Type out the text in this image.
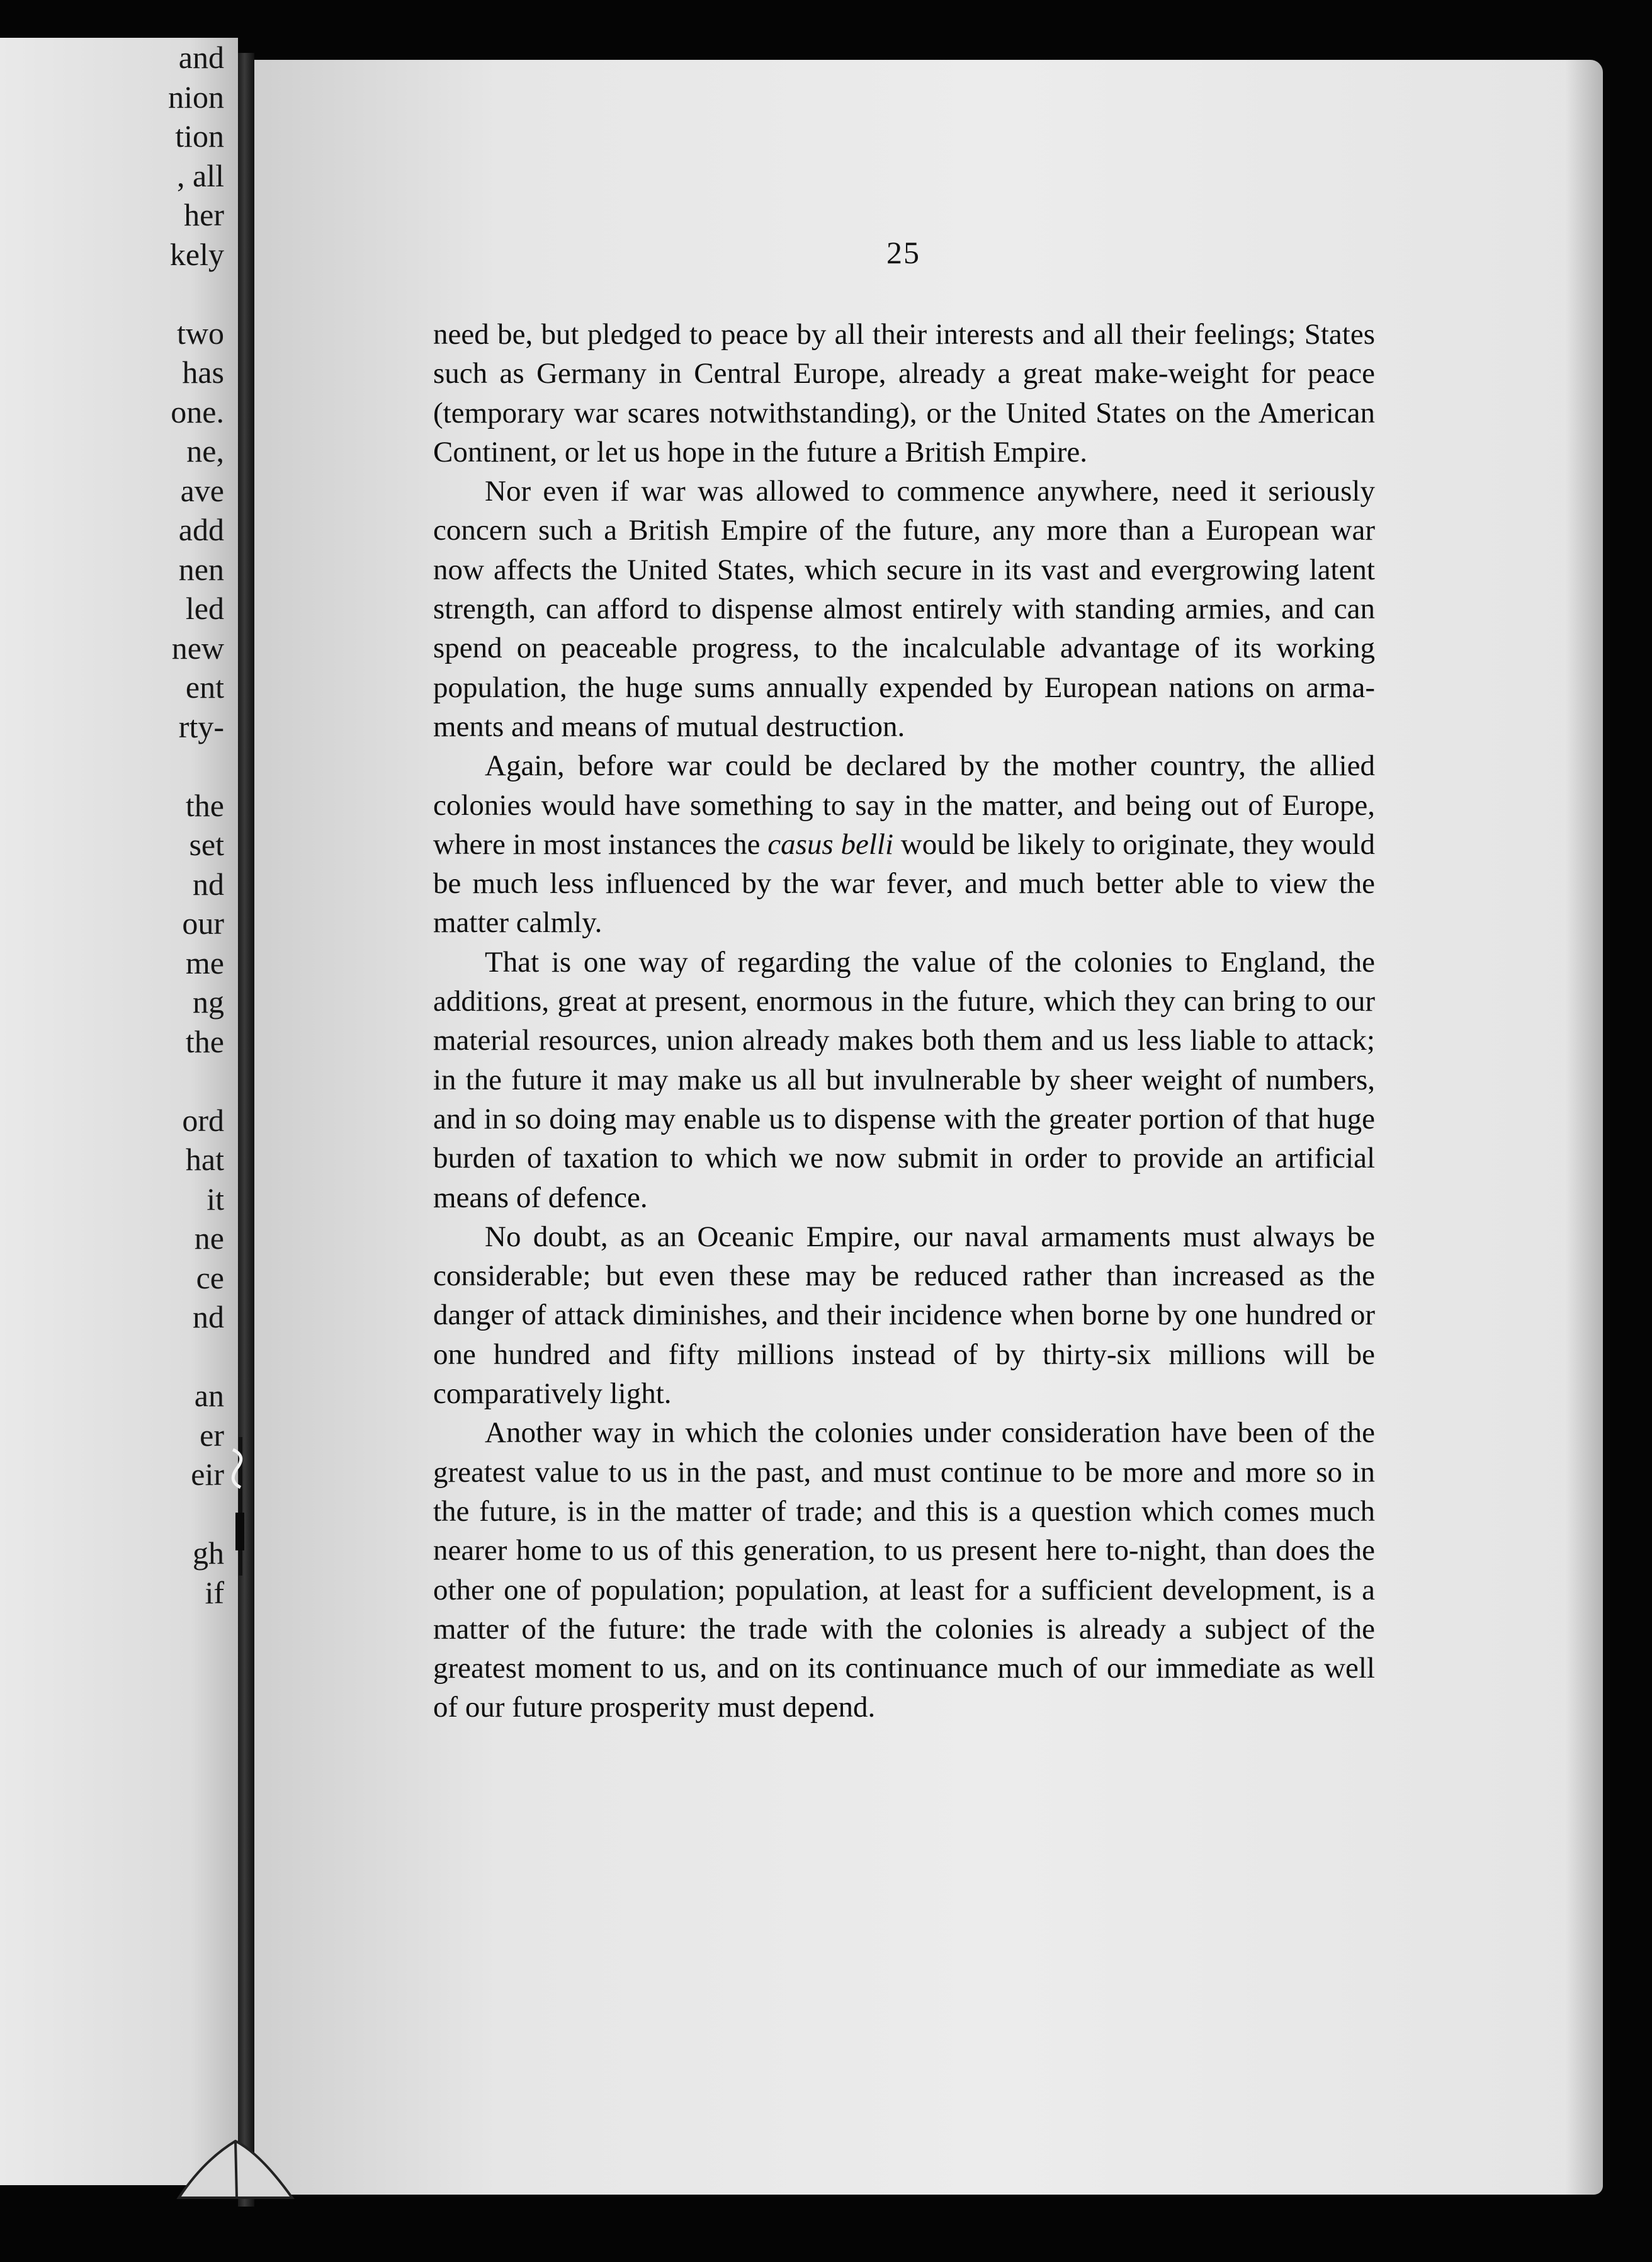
and
nion
tion
, all
her
kely
two
has
one.
ne,
ave
add
nen
led
new
ent
rty-
the
set
nd
our
me
ng
the
ord
hat
it
ne
ce
nd
an
er
eir
gh
if
25

need be, but pledged to peace by all their interests and all their feelings; States such as Germany in Central Europe, already a great make-weight for peace (temporary war scares notwithstanding), or the United States on the American Continent, or let us hope in the future a British Empire.

Nor even if war was allowed to commence anywhere, need it seriously concern such a British Empire of the future, any more than a European war now affects the United States, which secure in its vast and evergrowing latent strength, can afford to dispense almost entirely with standing armies, and can spend on peaceable progress, to the incalculable advantage of its working population, the huge sums annually expended by European nations on armaments and means of mutual destruction.

Again, before war could be declared by the mother country, the allied colonies would have something to say in the matter, and being out of Europe, where in most instances the casus belli would be likely to originate, they would be much less influenced by the war fever, and much better able to view the matter calmly.

That is one way of regarding the value of the colonies to England, the additions, great at present, enormous in the future, which they can bring to our material resources, union already makes both them and us less liable to attack; in the future it may make us all but invulnerable by sheer weight of numbers, and in so doing may enable us to dispense with the greater portion of that huge burden of taxation to which we now submit in order to provide an artificial means of defence.

No doubt, as an Oceanic Empire, our naval armaments must always be considerable; but even these may be reduced rather than increased as the danger of attack diminishes, and their incidence when borne by one hundred or one hundred and fifty millions instead of by thirty-six millions will be comparatively light.

Another way in which the colonies under consideration have been of the greatest value to us in the past, and must continue to be more and more so in the future, is in the matter of trade; and this is a question which comes much nearer home to us of this generation, to us present here to-night, than does the other one of population; population, at least for a sufficient development, is a matter of the future: the trade with the colonies is already a subject of the greatest moment to us, and on its continuance much of our immediate as well of our future prosperity must depend.
